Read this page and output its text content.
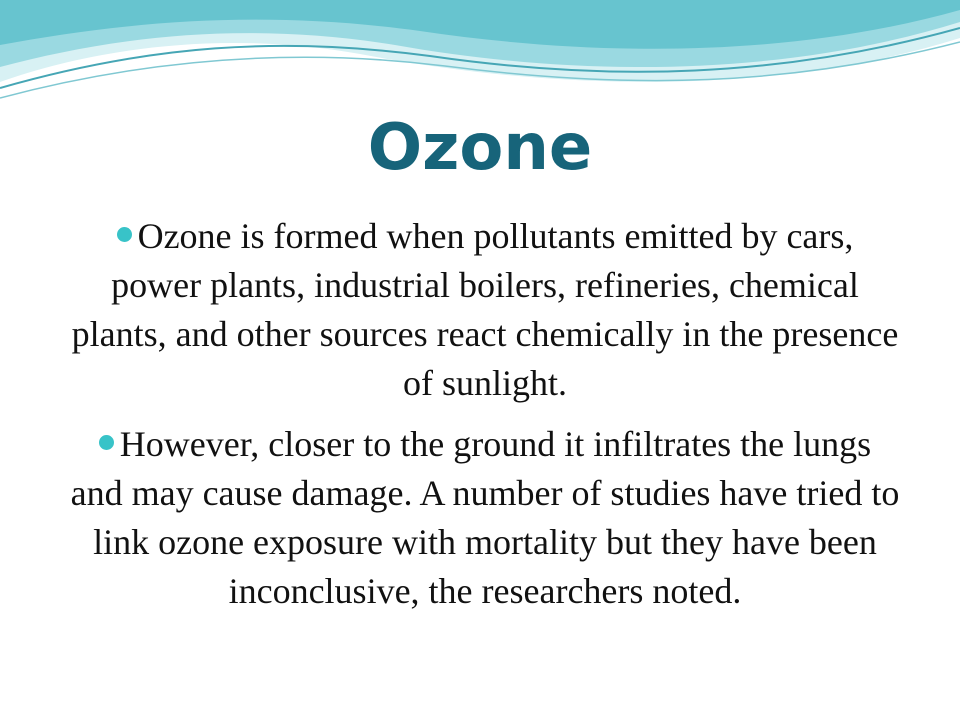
Ozone
Ozone is formed when pollutants emitted by cars, power plants, industrial boilers, refineries, chemical plants, and other sources react chemically in the presence of sunlight.
However, closer to the ground it infiltrates the lungs and may cause damage. A number of studies have tried to link ozone exposure with mortality but they have been inconclusive, the researchers noted.
